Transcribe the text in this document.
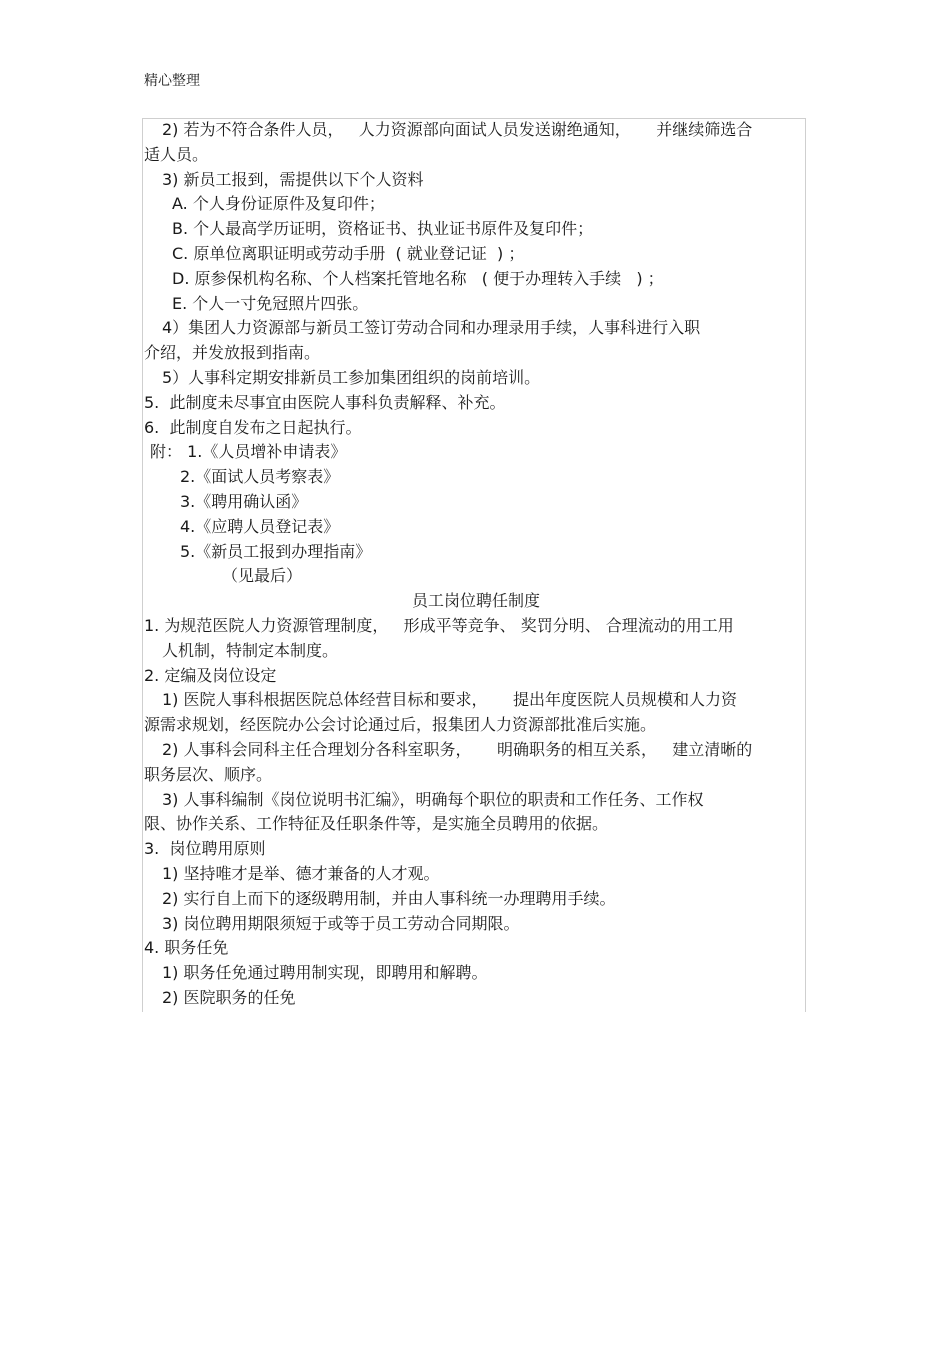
精心整理
2) 若为不符合条件人员，   人力资源部向面试人员发送谢绝通知，     并继续筛选合
适人员。
3) 新员工报到，需提供以下个人资料
A. 个人身份证原件及复印件；
B. 个人最高学历证明，资格证书、执业证书原件及复印件；
C. 原单位离职证明或劳动手册  ( 就业登记证  ) ；
D. 原参保机构名称、个人档案托管地名称   ( 便于办理转入手续   ) ；
E. 个人一寸免冠照片四张。
4）集团人力资源部与新员工签订劳动合同和办理录用手续，人事科进行入职
介绍，并发放报到指南。
5）人事科定期安排新员工参加集团组织的岗前培训。
5.  此制度未尽事宜由医院人事科负责解释、补充。
6.  此制度自发布之日起执行。
附： 1.《人员增补申请表》
2.《面试人员考察表》
3.《聘用确认函》
4.《应聘人员登记表》
5.《新员工报到办理指南》
（见最后）
员工岗位聘任制度
1. 为规范医院人力资源管理制度，   形成平等竞争、 奖罚分明、 合理流动的用工用
人机制，特制定本制度。
2. 定编及岗位设定
1) 医院人事科根据医院总体经营目标和要求，     提出年度医院人员规模和人力资
源需求规划，经医院办公会讨论通过后，报集团人力资源部批准后实施。
2) 人事科会同科主任合理划分各科室职务，     明确职务的相互关系，   建立清晰的
职务层次、顺序。
3) 人事科编制《岗位说明书汇编》，明确每个职位的职责和工作任务、工作权
限、协作关系、工作特征及任职条件等，是实施全员聘用的依据。
3.  岗位聘用原则
1) 坚持唯才是举、德才兼备的人才观。
2) 实行自上而下的逐级聘用制，并由人事科统一办理聘用手续。
3) 岗位聘用期限须短于或等于员工劳动合同期限。
4. 职务任免
1) 职务任免通过聘用制实现，即聘用和解聘。
2) 医院职务的任免
